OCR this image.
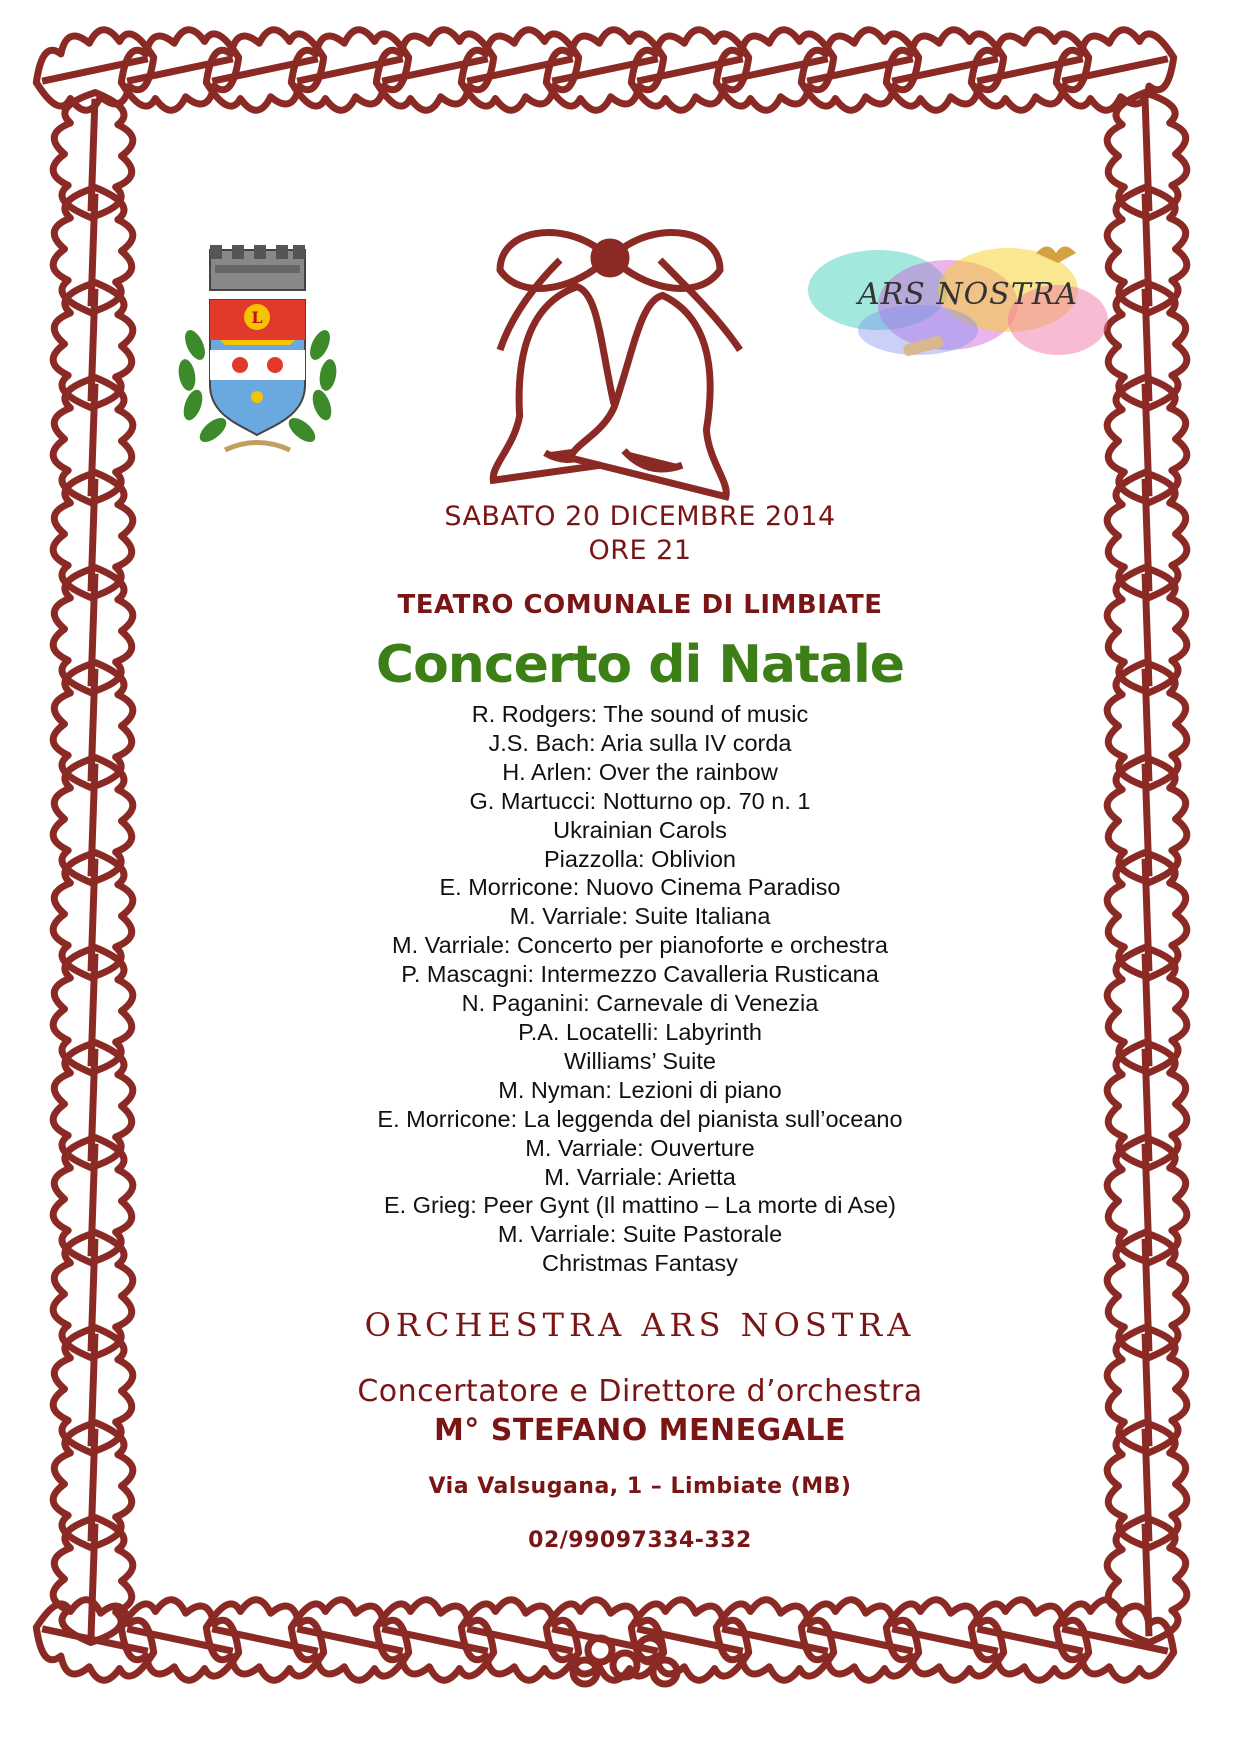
L
ARS NOSTRA
SABATO 20 DICEMBRE 2014
ORE 21
TEATRO COMUNALE DI LIMBIATE
Concerto di Natale
R. Rodgers: The sound of music
J.S. Bach: Aria sulla IV corda
H. Arlen: Over the rainbow
G. Martucci: Notturno op. 70 n. 1
Ukrainian Carols
Piazzolla: Oblivion
E. Morricone: Nuovo Cinema Paradiso
M. Varriale: Suite Italiana
M. Varriale: Concerto per pianoforte e orchestra
P. Mascagni: Intermezzo Cavalleria Rusticana
N. Paganini: Carnevale di Venezia
P.A. Locatelli: Labyrinth
Williams’ Suite
M. Nyman: Lezioni di piano
E. Morricone: La leggenda del pianista sull’oceano
M. Varriale: Ouverture
M. Varriale: Arietta
E. Grieg: Peer Gynt (Il mattino – La morte di Ase)
M. Varriale: Suite Pastorale
Christmas Fantasy
ORCHESTRA ARS NOSTRA
Concertatore e Direttore d’orchestra
M° STEFANO MENEGALE
Via Valsugana, 1 – Limbiate (MB)
02/99097334-332
